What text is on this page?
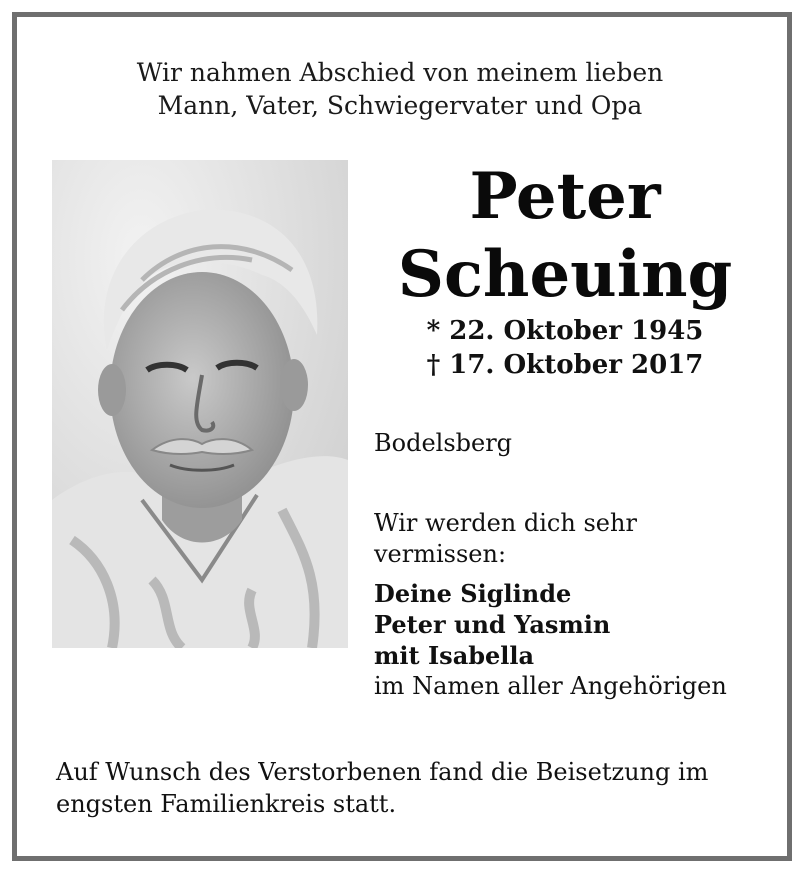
Wir nahmen Abschied von meinem lieben
Mann, Vater, Schwiegervater und Opa
Peter
Scheuing
* 22. Oktober 1945
† 17. Oktober 2017
Bodelsberg
Wir werden dich sehr
vermissen:
Deine Siglinde
Peter und Yasmin
mit Isabella
im Namen aller Angehörigen
Auf Wunsch des Verstorbenen fand die Beisetzung im
engsten Familienkreis statt.
